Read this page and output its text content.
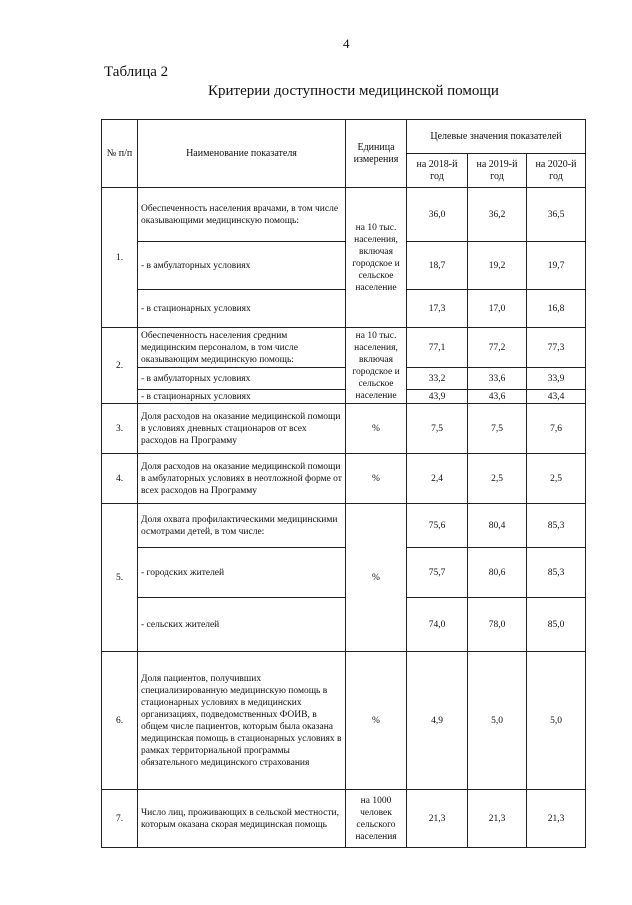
4
Таблица 2
Критерии доступности медицинской помощи
№ п/п	Наименование показателя	Единица измерения	Целевые значения показателей		
			на 2018-й год	на 2019-й год	на 2020-й год
1.	Обеспеченность населения врачами, в том числе оказывающими медицинскую помощь:	на 10 тыс. населения, включая городское и сельское население	36,0	36,2	36,5
	- в амбулаторных условиях		18,7	19,2	19,7
	- в стационарных условиях		17,3	17,0	16,8
2.	Обеспеченность населения средним медицинским персоналом, в том числе оказывающим медицинскую помощь:	на 10 тыс. населения, включая городское и сельское население	77,1	77,2	77,3
	- в амбулаторных условиях		33,2	33,6	33,9
	- в стационарных условиях		43,9	43,6	43,4
3.	Доля расходов на оказание медицинской помощи в условиях дневных стационаров от всех расходов на Программу	%	7,5	7,5	7,6
4.	Доля расходов на оказание медицинской помощи в амбулаторных условиях в неотложной форме от всех расходов на Программу	%	2,4	2,5	2,5
5.	Доля охвата профилактическими медицинскими осмотрами детей, в том числе:	%	75,6	80,4	85,3
	- городских жителей		75,7	80,6	85,3
	- сельских жителей		74,0	78,0	85,0
6.	Доля пациентов, получивших специализированную медицинскую помощь в стационарных условиях в медицинских организациях, подведомственных ФОИВ, в общем числе пациентов, которым была оказана медицинская помощь в стационарных условиях в рамках территориальной программы обязательного медицинского страхования	%	4,9	5,0	5,0
7.	Число лиц, проживающих в сельской местности, которым оказана скорая медицинская помощь	на 1000 человек сельского населения	21,3	21,3	21,3
